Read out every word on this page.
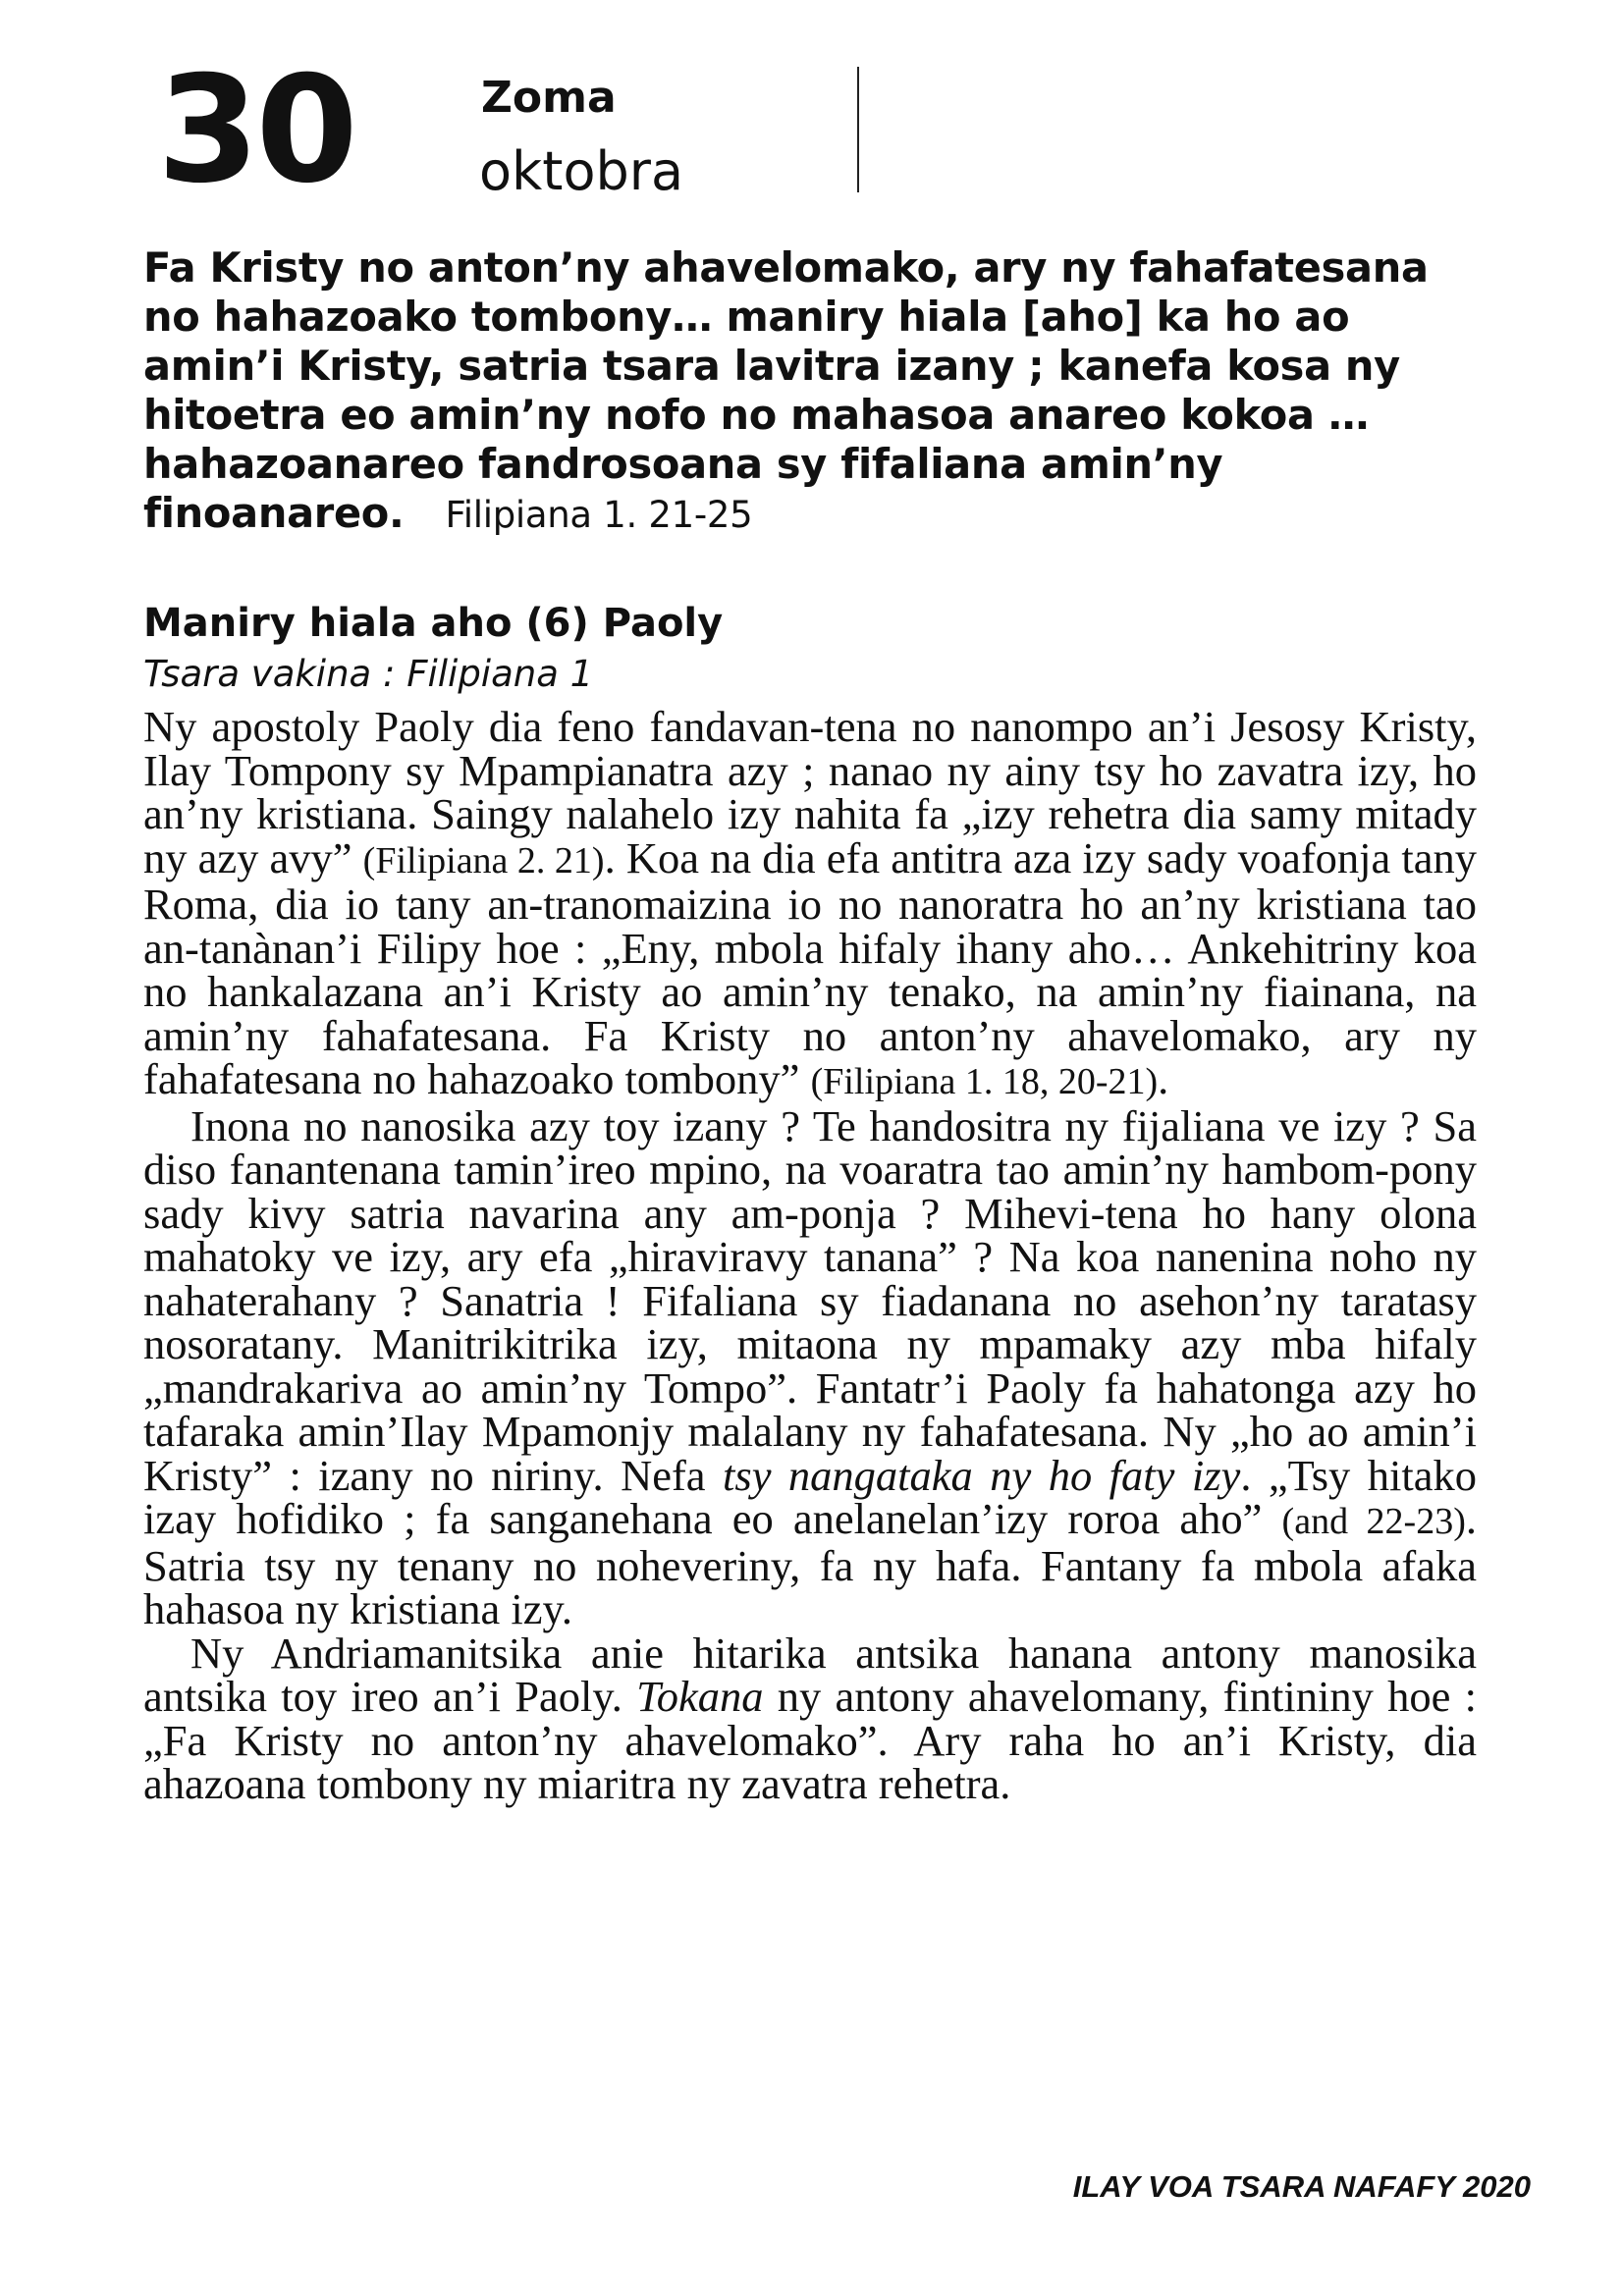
30	Zoma
oktobra
Fa Kristy no anton’ny ahavelomako, ary ny fahafatesana no hahazoako tombony… maniry hiala [aho] ka ho ao amin’i Kristy, satria tsara lavitra izany ; kanefa kosa ny hitoetra eo amin’ny nofo no mahasoa anareo kokoa … hahazoanareo fandrosoana sy fifaliana amin’ny finoanareo. Filipiana 1. 21-25
Maniry hiala aho (6) Paoly
Tsara vakina : Filipiana 1

Ny apostoly Paoly dia feno fandavan-tena no nanompo an’i Jesosy Kristy, Ilay Tompony sy Mpampianatra azy ; nanao ny ainy tsy ho zavatra izy, ho an’ny kristiana. Saingy nalahelo izy nahita fa „izy rehetra dia samy mitady ny azy avy” (Filipiana 2. 21). Koa na dia efa antitra aza izy sady voafonja tany Roma, dia io tany an-tranomaizina io no nanoratra ho an’ny kristiana tao an-tanànan’i Filipy hoe : „Eny, mbola hifaly ihany aho… Ankehitriny koa no hankalazana an’i Kristy ao amin’ny tenako, na amin’ny fiainana, na amin’ny fahafatesana. Fa Kristy no anton’ny ahavelomako, ary ny fahafatesana no hahazoako tombony” (Filipiana 1. 18, 20-21).

Inona no nanosika azy toy izany ? Te handositra ny fijaliana ve izy ? Sa diso fanantenana tamin’ireo mpino, na voaratra tao amin’ny hambom-pony sady kivy satria navarina any am-ponja ? Mihevi-tena ho hany olona mahatoky ve izy, ary efa „hiraviravy tanana” ? Na koa nanenina noho ny nahaterahany ? Sanatria ! Fifaliana sy fiadanana no asehon’ny taratasy nosoratany. Manitrikitrika izy, mitaona ny mpamaky azy mba hifaly „mandrakariva ao amin’ny Tompo”. Fantatr’i Paoly fa hahatonga azy ho tafaraka amin’Ilay Mpamonjy malalany ny fahafatesana. Ny „ho ao amin’i Kristy” : izany no niriny. Nefa tsy nangataka ny ho faty izy. „Tsy hitako izay hofidiko ; fa sanganehana eo anelanelan’izy roroa aho” (and 22-23). Satria tsy ny tenany no noheveriny, fa ny hafa. Fantany fa mbola afaka hahasoa ny kristiana izy.

Ny Andriamanitsika anie hitarika antsika hanana antony manosika antsika toy ireo an’i Paoly. Tokana ny antony ahavelomany, fintininy hoe : „Fa Kristy no anton’ny ahavelomako”. Ary raha ho an’i Kristy, dia ahazoana tombony ny miaritra ny zavatra rehetra.

ILAY VOA TSARA NAFAFY 2020
